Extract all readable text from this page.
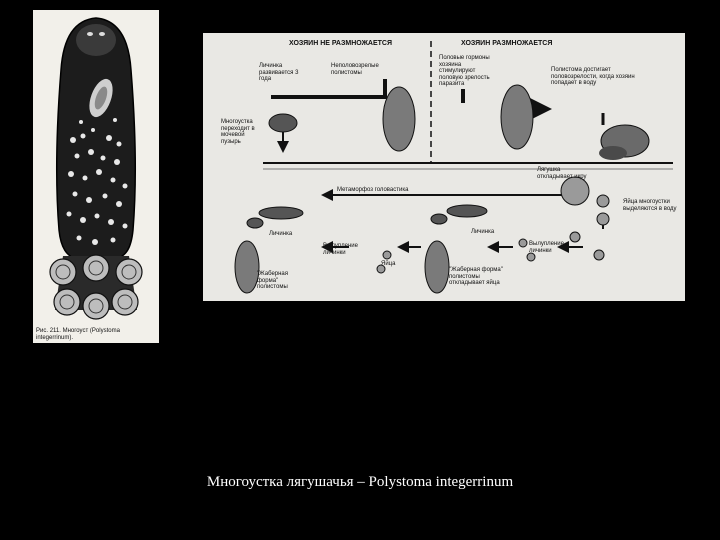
Рис. 211. Многоуст (Polystoma
integerrinum).
ХОЗЯИН НЕ РАЗМНОЖАЕТСЯ	ХОЗЯИН РАЗМНОЖАЕТСЯ
Личинка развивается 3 года
Неполовозрелые полистомы
Половые гормоны хозяина стимулируют половую зрелость паразита
Полистома достигает половозрелости, когда хозяин попадает в воду
Многоустка переходит в мочевой пузырь
Лягушка откладывает икру
Метаморфоз головастика
Яйца многоустки выделяются в воду
Личинка	Личинка
Вылупление личинки
Вылупление личинки
Яйца
"Жаберная форма" полистомы
"Жаберная форма" полистомы откладывает яйца
Многоустка лягушачья – Polystoma integerrinum
